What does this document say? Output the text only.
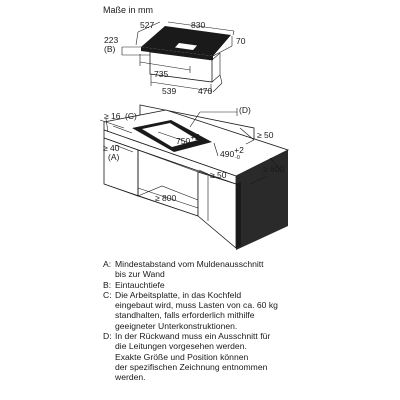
Maße in mm
527	830
223
(B)
70
735
539	470
≥ 16 (C)
≥ 40
(A)
750+2
-0
490+2
-0
(D)
≥ 50
≥ 50
≥ 800
≥ 600
A: Mindestabstand vom Muldenausschnitt
bis zur Wand
B: Eintauchtiefe
C: Die Arbeitsplatte, in das Kochfeld
eingebaut wird, muss Lasten von ca. 60 kg
standhalten, falls erforderlich mithilfe
geeigneter Unterkonstruktionen.
D: In der Rückwand muss ein Ausschnitt für
die Leitungen vorgesehen werden.
Exakte Größe und Position können
der spezifischen Zeichnung entnommen
werden.
